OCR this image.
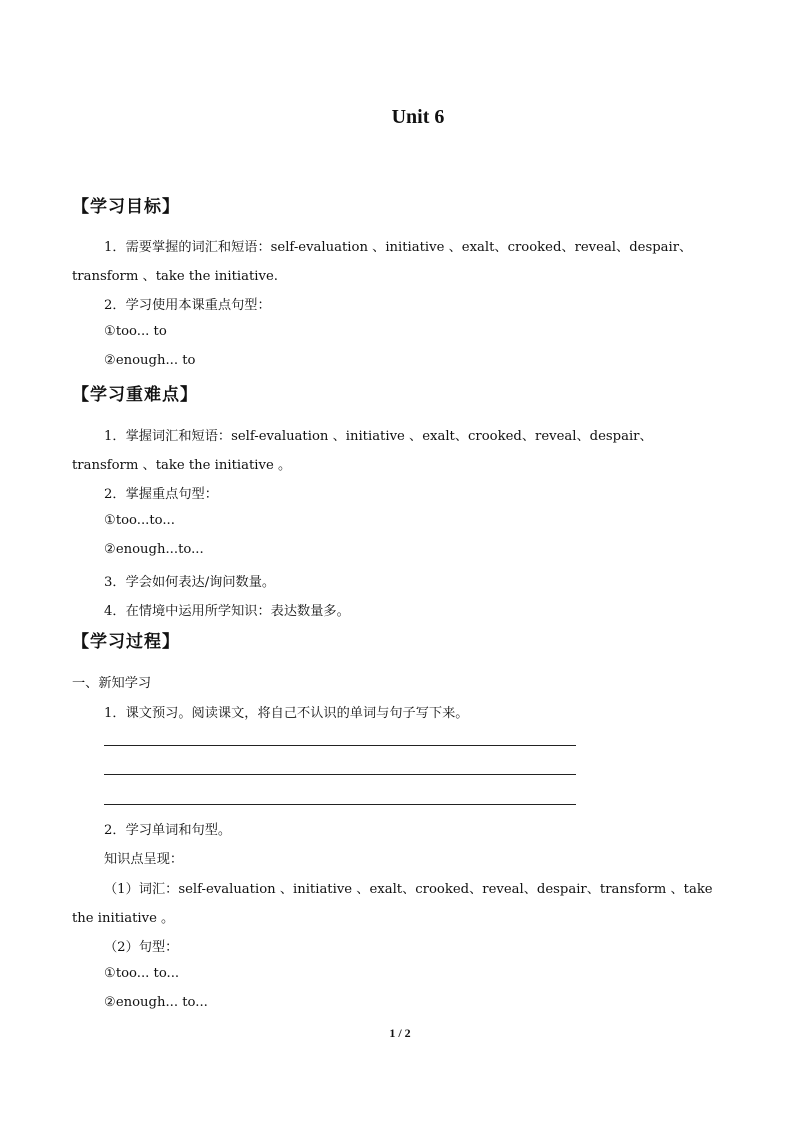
Unit 6
【学习目标】
1．需要掌握的词汇和短语：self-evaluation 、initiative 、exalt、crooked、reveal、despair、
transform 、take the initiative.
2．学习使用本课重点句型：
①too... to
②enough... to
【学习重难点】
1．掌握词汇和短语：self-evaluation 、initiative 、exalt、crooked、reveal、despair、
transform 、take the initiative 。
2．掌握重点句型：
①too...to...
②enough...to...
3．学会如何表达/询问数量。
4．在情境中运用所学知识：表达数量多。
【学习过程】
一、新知学习
1．课文预习。阅读课文，将自己不认识的单词与句子写下来。
2．学习单词和句型。
知识点呈现：
（1）词汇：self-evaluation 、initiative 、exalt、crooked、reveal、despair、transform 、take
the initiative 。
（2）句型：
①too... to...
②enough... to...
1 / 2
